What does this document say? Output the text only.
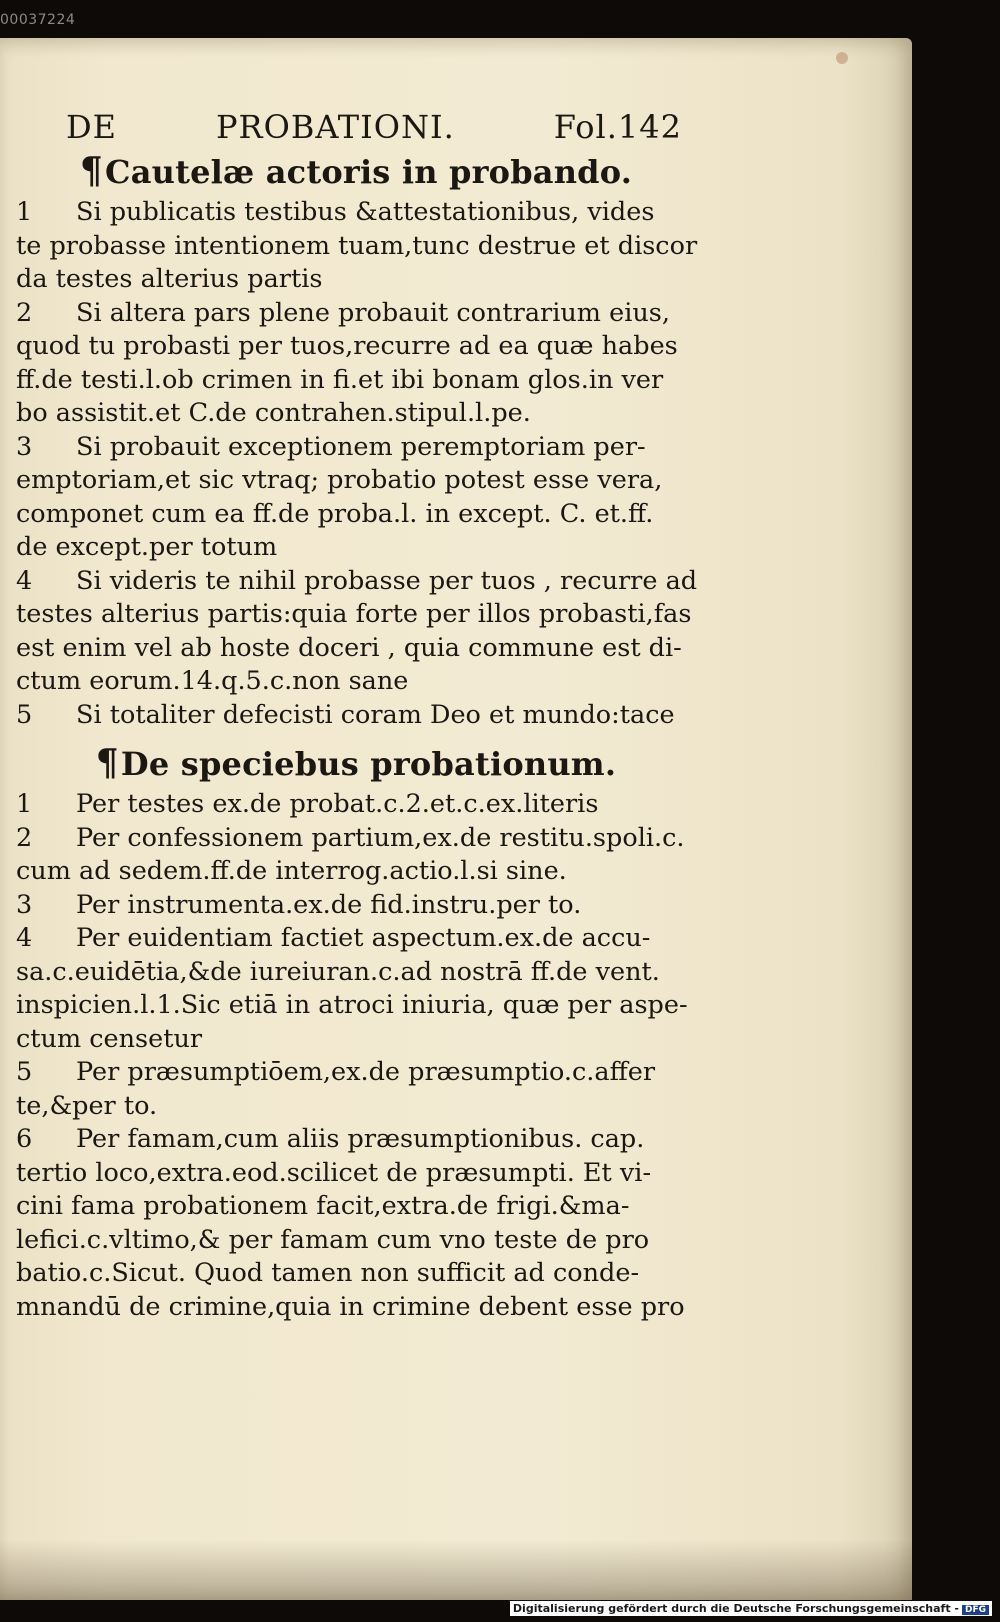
00037224
DE	PROBATIONI.	Fol.142
¶Cautelæ actoris in probando.
1	Si publicatis testibus &attestationibus, vides
te probasse intentionem tuam,tunc destrue et discor
da testes alterius partis
2	Si altera pars plene probauit contrarium eius,
quod tu probasti per tuos,recurre ad ea quæ habes
ff.de testi.l.ob crimen in fi.et ibi bonam glos.in ver
bo assistit.et C.de contrahen.stipul.l.pe.
3	Si probauit exceptionem peremptoriam per-
emptoriam,et sic vtraq; probatio potest esse vera,
componet cum ea ff.de proba.l. in except. C. et.ff.
de except.per totum
4	Si videris te nihil probasse per tuos , recurre ad
testes alterius partis:quia forte per illos probasti,fas
est enim vel ab hoste doceri , quia commune est di-
ctum eorum.14.q.5.c.non sane
5	Si totaliter defecisti coram Deo et mundo:tace
¶De speciebus probationum.
1	Per testes ex.de probat.c.2.et.c.ex.literis
2	Per confessionem partium,ex.de restitu.spoli.c.
cum ad sedem.ff.de interrog.actio.l.si sine.
3	Per instrumenta.ex.de fid.instru.per to.
4	Per euidentiam factiet aspectum.ex.de accu-
sa.c.euidētia,&de iureiuran.c.ad nostrā ff.de vent.
inspicien.l.1.Sic etiā in atroci iniuria, quæ per aspe-
ctum censetur
5	Per præsumptiōem,ex.de præsumptio.c.affer
te,&per to.
6	Per famam,cum aliis præsumptionibus. cap.
tertio loco,extra.eod.scilicet de præsumpti. Et vi-
cini fama probationem facit,extra.de frigi.&ma-
lefici.c.vltimo,& per famam cum vno teste de pro
batio.c.Sicut. Quod tamen non sufficit ad conde-
mnandū de crimine,quia in crimine debent esse pro
Digitalisierung gefördert durch die Deutsche Forschungsgemeinschaft - DFG
